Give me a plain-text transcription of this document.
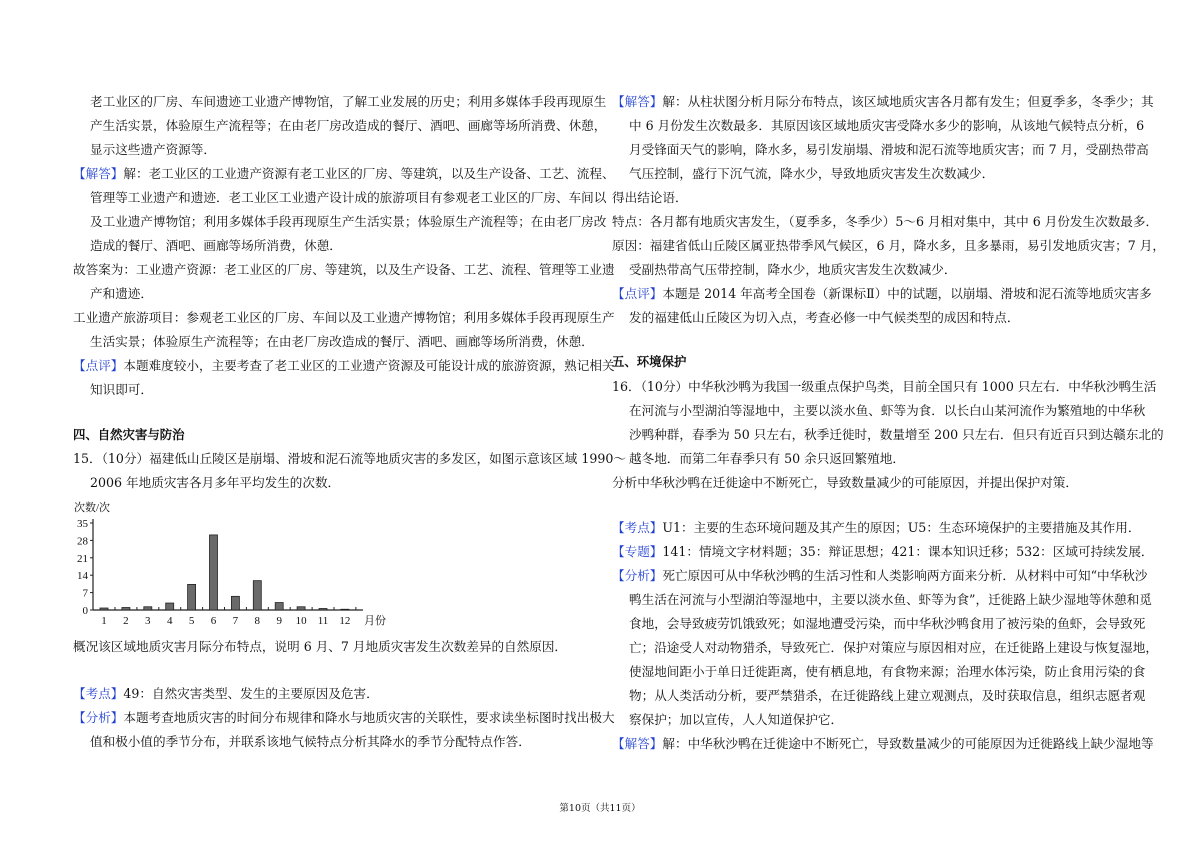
老工业区的厂房、车间遗迹工业遗产博物馆，了解工业发展的历史；利用多媒体手段再现原生
产生活实景，体验原生产流程等；在由老厂房改造成的餐厅、酒吧、画廊等场所消费、休憩，
显示这些遗产资源等．
【解答】解：老工业区的工业遗产资源有老工业区的厂房、等建筑，以及生产设备、工艺、流程、
管理等工业遗产和遗迹．老工业区工业遗产设计成的旅游项目有参观老工业区的厂房、车间以
及工业遗产博物馆；利用多媒体手段再现原生产生活实景；体验原生产流程等；在由老厂房改
造成的餐厅、酒吧、画廊等场所消费，休憩．
故答案为：工业遗产资源：老工业区的厂房、等建筑，以及生产设备、工艺、流程、管理等工业遗
产和遗迹．
工业遗产旅游项目：参观老工业区的厂房、车间以及工业遗产博物馆；利用多媒体手段再现原生产
生活实景；体验原生产流程等；在由老厂房改造成的餐厅、酒吧、画廊等场所消费，休憩．
【点评】本题难度较小，主要考查了老工业区的工业遗产资源及可能设计成的旅游资源，熟记相关
知识即可．
四、自然灾害与防治
15．（10分）福建低山丘陵区是崩塌、滑坡和泥石流等地质灾害的多发区，如图示意该区域 1990～
2006 年地质灾害各月多年平均发生的次数．
次数/次
0
7
14
21
28
35
1 2 3 4 5 6 7 8 9 10 11 12 月份
概况该区域地质灾害月际分布特点，说明 6 月、7 月地质灾害发生次数差异的自然原因．
【考点】49：自然灾害类型、发生的主要原因及危害．
【分析】本题考查地质灾害的时间分布规律和降水与地质灾害的关联性，要求读坐标图时找出极大
值和极小值的季节分布，并联系该地气候特点分析其降水的季节分配特点作答．
【解答】解：从柱状图分析月际分布特点，该区域地质灾害各月都有发生；但夏季多，冬季少；其
中 6 月份发生次数最多．其原因该区域地质灾害受降水多少的影响，从该地气候特点分析，6
月受锋面天气的影响，降水多，易引发崩塌、滑坡和泥石流等地质灾害；而 7 月，受副热带高
气压控制，盛行下沉气流，降水少，导致地质灾害发生次数减少．
得出结论语．
特点：各月都有地质灾害发生，（夏季多，冬季少）5～6 月相对集中，其中 6 月份发生次数最多．
原因：福建省低山丘陵区属亚热带季风气候区，6 月，降水多，且多暴雨，易引发地质灾害；7 月，
受副热带高气压带控制，降水少，地质灾害发生次数减少．
【点评】本题是 2014 年高考全国卷（新课标Ⅱ）中的试题，以崩塌、滑坡和泥石流等地质灾害多
发的福建低山丘陵区为切入点，考查必修一中气候类型的成因和特点．
五、环境保护
16．（10分）中华秋沙鸭为我国一级重点保护鸟类，目前全国只有 1000 只左右．中华秋沙鸭生活
在河流与小型湖泊等湿地中，主要以淡水鱼、虾等为食．以长白山某河流作为繁殖地的中华秋
沙鸭种群，春季为 50 只左右，秋季迁徙时，数量增至 200 只左右．但只有近百只到达赣东北的
越冬地．而第二年春季只有 50 余只返回繁殖地．
分析中华秋沙鸭在迁徙途中不断死亡，导致数量减少的可能原因，并提出保护对策．
【考点】U1：主要的生态环境问题及其产生的原因；U5：生态环境保护的主要措施及其作用．
【专题】141：情境文字材料题；35：辩证思想；421：课本知识迁移；532：区域可持续发展．
【分析】死亡原因可从中华秋沙鸭的生活习性和人类影响两方面来分析．从材料中可知“中华秋沙
鸭生活在河流与小型湖泊等湿地中，主要以淡水鱼、虾等为食”，迁徙路上缺少湿地等休憩和觅
食地，会导致疲劳饥饿致死；如湿地遭受污染，而中华秋沙鸭食用了被污染的鱼虾，会导致死
亡；沿途受人对动物猎杀，导致死亡．保护对策应与原因相对应，在迁徙路上建设与恢复湿地，
使湿地间距小于单日迁徙距离，使有栖息地，有食物来源；治理水体污染，防止食用污染的食
物；从人类活动分析，要严禁猎杀，在迁徙路线上建立观测点，及时获取信息，组织志愿者观
察保护；加以宣传，人人知道保护它．
【解答】解：中华秋沙鸭在迁徙途中不断死亡，导致数量减少的可能原因为迁徙路线上缺少湿地等
第10页（共11页）
